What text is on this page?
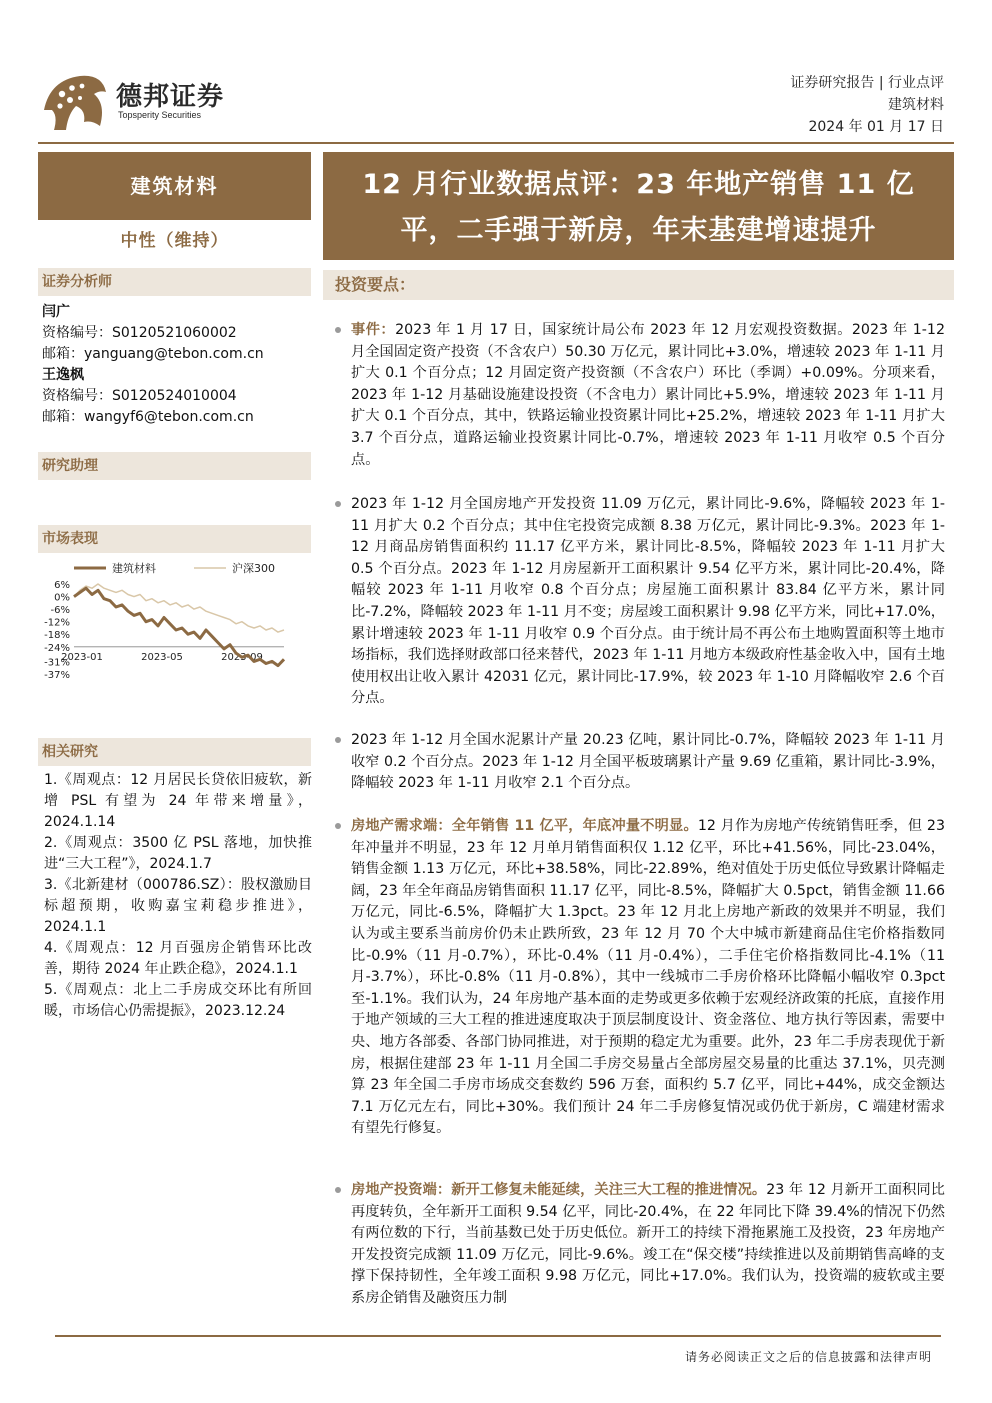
德邦证券
Topsperity Securities
证券研究报告 | 行业点评
建筑材料
2024 年 01 月 17 日
建筑材料
中性（维持）
证券分析师
闫广
资格编号：S0120521060002
邮箱：yanguang@tebon.com.cn
王逸枫
资格编号：S0120524010004
邮箱：wangyf6@tebon.com.cn
研究助理
市场表现
建筑材料	沪深300
6%
0%
-6%
-12%
-18%
-24%
-31%
-37%
2023-01	2023-05	2023-09
相关研究
1.《周观点：12 月居民长贷依旧疲软，新增 PSL 有望为 24 年带来增量》，2024.1.14
2.《周观点：3500 亿 PSL 落地，加快推进“三大工程”》，2024.1.7
3.《北新建材（000786.SZ）：股权激励目标超预期，收购嘉宝莉稳步推进》，2024.1.1
4.《周观点：12 月百强房企销售环比改善，期待 2024 年止跌企稳》，2024.1.1
5.《周观点：北上二手房成交环比有所回暖，市场信心仍需提振》，2023.12.24
12 月行业数据点评：23 年地产销售 11 亿
平，二手强于新房，年末基建增速提升
投资要点：
事件：2023 年 1 月 17 日，国家统计局公布 2023 年 12 月宏观投资数据。2023 年 1-12 月全国固定资产投资（不含农户）50.30 万亿元，累计同比+3.0%，增速较 2023 年 1-11 月扩大 0.1 个百分点；12 月固定资产投资额（不含农户）环比（季调）+0.09%。分项来看，2023 年 1-12 月基础设施建设投资（不含电力）累计同比+5.9%，增速较 2023 年 1-11 月扩大 0.1 个百分点，其中，铁路运输业投资累计同比+25.2%，增速较 2023 年 1-11 月扩大 3.7 个百分点，道路运输业投资累计同比-0.7%，增速较 2023 年 1-11 月收窄 0.5 个百分点。
2023 年 1-12 月全国房地产开发投资 11.09 万亿元，累计同比-9.6%，降幅较 2023 年 1-11 月扩大 0.2 个百分点；其中住宅投资完成额 8.38 万亿元，累计同比-9.3%。2023 年 1-12 月商品房销售面积约 11.17 亿平方米，累计同比-8.5%，降幅较 2023 年 1-11 月扩大 0.5 个百分点。2023 年 1-12 月房屋新开工面积累计 9.54 亿平方米，累计同比-20.4%，降幅较 2023 年 1-11 月收窄 0.8 个百分点；房屋施工面积累计 83.84 亿平方米，累计同比-7.2%，降幅较 2023 年 1-11 月不变；房屋竣工面积累计 9.98 亿平方米，同比+17.0%，累计增速较 2023 年 1-11 月收窄 0.9 个百分点。由于统计局不再公布土地购置面积等土地市场指标，我们选择财政部口径来替代，2023 年 1-11 月地方本级政府性基金收入中，国有土地使用权出让收入累计 42031 亿元，累计同比-17.9%，较 2023 年 1-10 月降幅收窄 2.6 个百分点。
2023 年 1-12 月全国水泥累计产量 20.23 亿吨，累计同比-0.7%，降幅较 2023 年 1-11 月收窄 0.2 个百分点。2023 年 1-12 月全国平板玻璃累计产量 9.69 亿重箱，累计同比-3.9%，降幅较 2023 年 1-11 月收窄 2.1 个百分点。
房地产需求端：全年销售 11 亿平，年底冲量不明显。12 月作为房地产传统销售旺季，但 23 年冲量并不明显，23 年 12 月单月销售面积仅 1.12 亿平，环比+41.56%，同比-23.04%，销售金额 1.13 万亿元，环比+38.58%，同比-22.89%，绝对值处于历史低位导致累计降幅走阔，23 年全年商品房销售面积 11.17 亿平，同比-8.5%，降幅扩大 0.5pct，销售金额 11.66 万亿元，同比-6.5%，降幅扩大 1.3pct。23 年 12 月北上房地产新政的效果并不明显，我们认为或主要系当前房价仍未止跌所致，23 年 12 月 70 个大中城市新建商品住宅价格指数同比-0.9%（11 月-0.7%），环比-0.4%（11 月-0.4%），二手住宅价格指数同比-4.1%（11 月-3.7%），环比-0.8%（11 月-0.8%），其中一线城市二手房价格环比降幅小幅收窄 0.3pct 至-1.1%。我们认为，24 年房地产基本面的走势或更多依赖于宏观经济政策的托底，直接作用于地产领域的三大工程的推进速度取决于顶层制度设计、资金落位、地方执行等因素，需要中央、地方各部委、各部门协同推进，对于预期的稳定尤为重要。此外，23 年二手房表现优于新房，根据住建部 23 年 1-11 月全国二手房交易量占全部房屋交易量的比重达 37.1%，贝壳测算 23 年全国二手房市场成交套数约 596 万套，面积约 5.7 亿平，同比+44%，成交金额达 7.1 万亿元左右，同比+30%。我们预计 24 年二手房修复情况或仍优于新房，C 端建材需求有望先行修复。
房地产投资端：新开工修复未能延续，关注三大工程的推进情况。23 年 12 月新开工面积同比再度转负，全年新开工面积 9.54 亿平，同比-20.4%，在 22 年同比下降 39.4%的情况下仍然有两位数的下行，当前基数已处于历史低位。新开工的持续下滑拖累施工及投资，23 年房地产开发投资完成额 11.09 万亿元，同比-9.6%。竣工在“保交楼”持续推进以及前期销售高峰的支撑下保持韧性，全年竣工面积 9.98 万亿元，同比+17.0%。我们认为，投资端的疲软或主要系房企销售及融资压力制
请务必阅读正文之后的信息披露和法律声明
